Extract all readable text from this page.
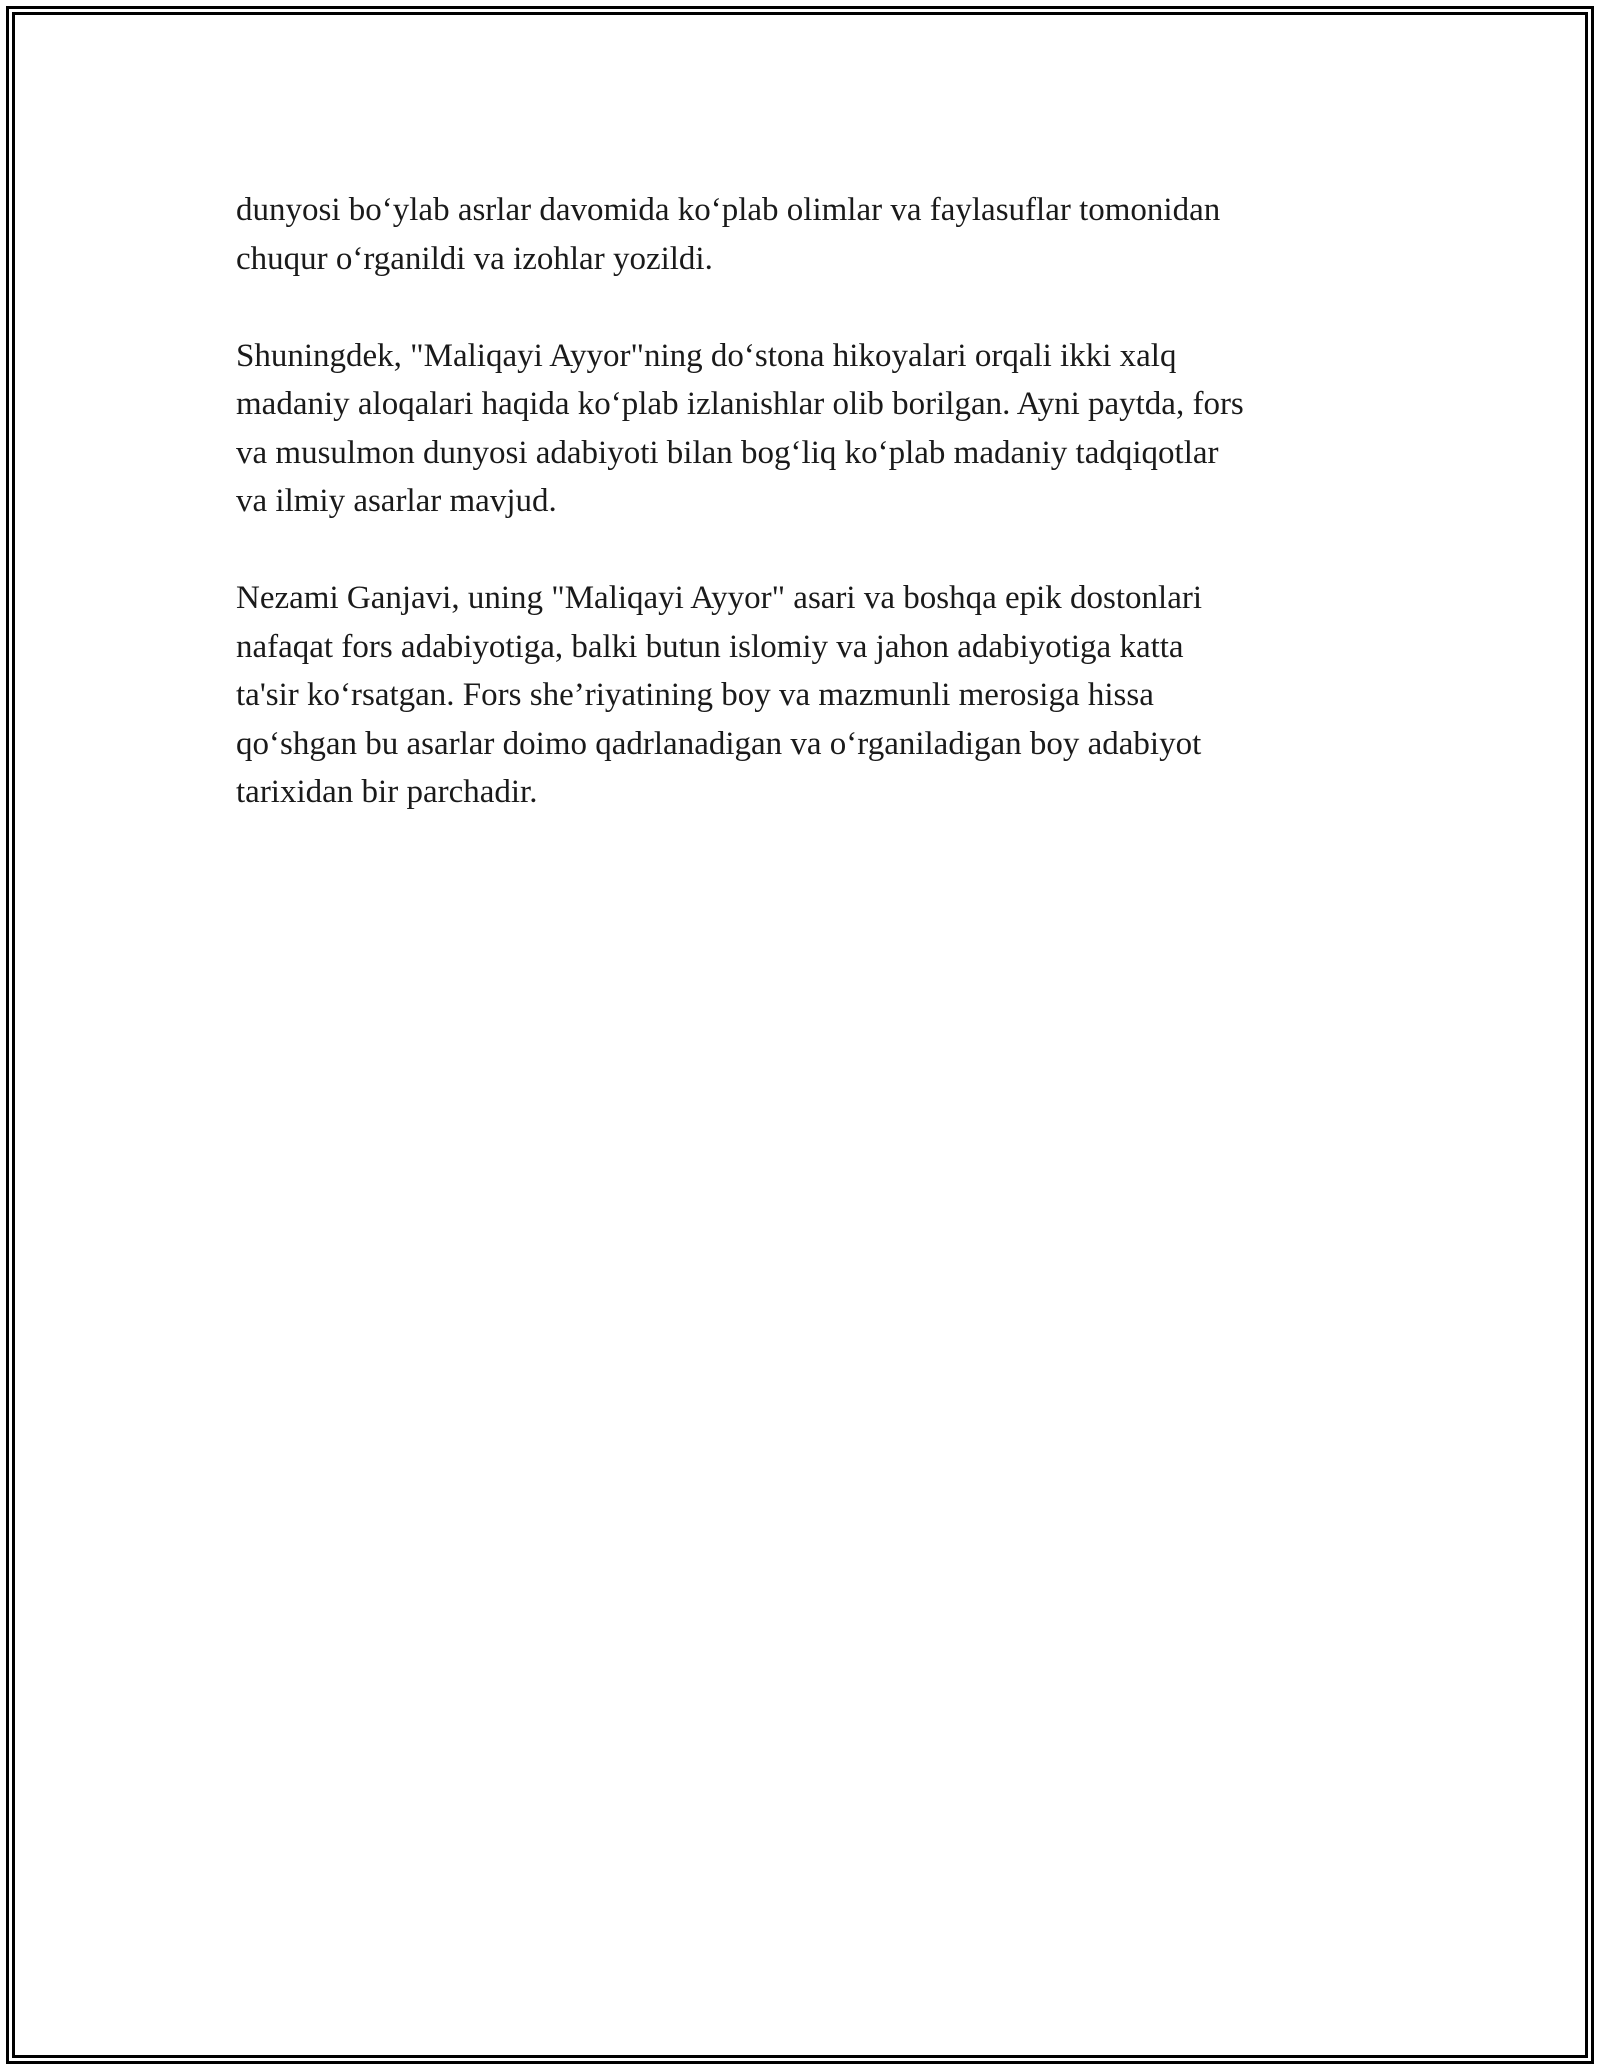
dunyosi bo‘ylab asrlar davomida ko‘plab olimlar va faylasuflar tomonidan
chuqur o‘rganildi va izohlar yozildi.

Shuningdek, "Maliqayi Ayyor"ning do‘stona hikoyalari orqali ikki xalq
madaniy aloqalari haqida ko‘plab izlanishlar olib borilgan. Ayni paytda, fors
va musulmon dunyosi adabiyoti bilan bog‘liq ko‘plab madaniy tadqiqotlar
va ilmiy asarlar mavjud.

Nezami Ganjavi, uning "Maliqayi Ayyor" asari va boshqa epik dostonlari
nafaqat fors adabiyotiga, balki butun islomiy va jahon adabiyotiga katta
ta'sir ko‘rsatgan. Fors she’riyatining boy va mazmunli merosiga hissa
qo‘shgan bu asarlar doimo qadrlanadigan va o‘rganiladigan boy adabiyot
tarixidan bir parchadir.
